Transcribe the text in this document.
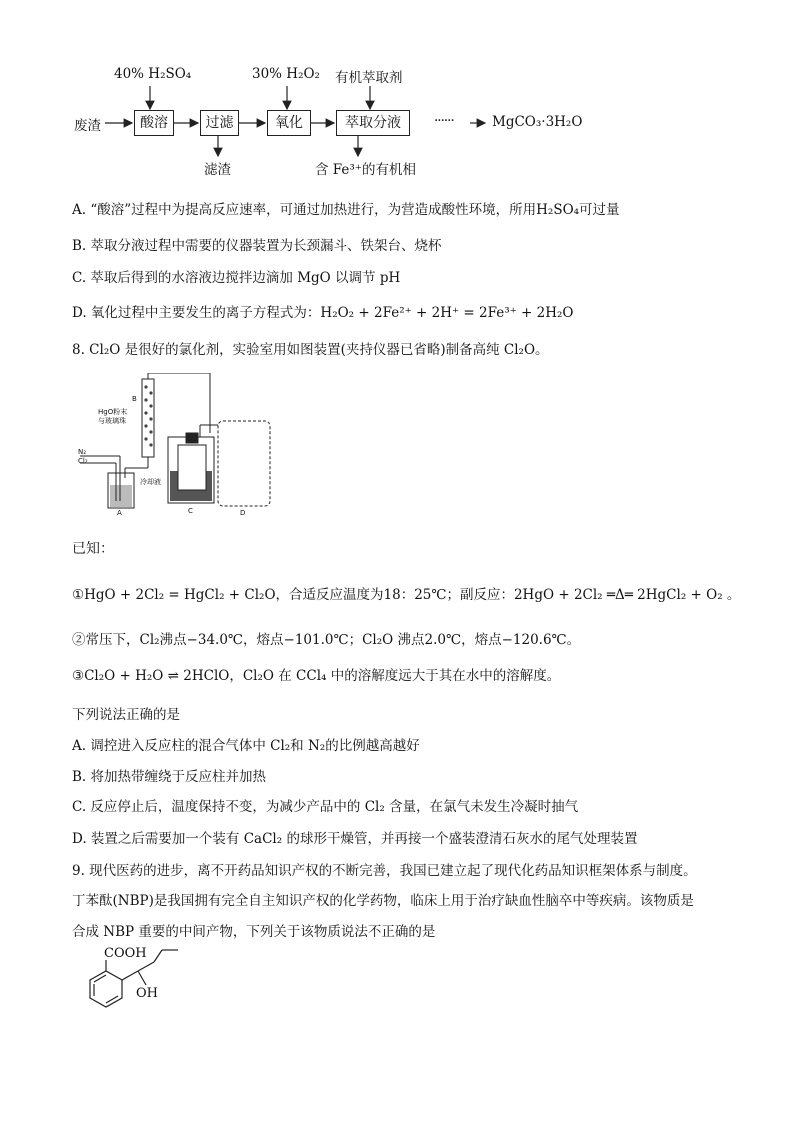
废渣	酸溶	过滤	氧化	萃取分液	······	MgCO₃·3H₂O
40% H₂SO₄	30% H₂O₂ 有机萃取剂
滤渣	含 Fe³⁺的有机相
A. “酸溶”过程中为提高反应速率，可通过加热进行，为营造成酸性环境，所用H₂SO₄可过量
B. 萃取分液过程中需要的仪器装置为长颈漏斗、铁架台、烧杯
C. 萃取后得到的水溶液边搅拌边滴加 MgO 以调节 pH
D. 氧化过程中主要发生的离子方程式为：H₂O₂ + 2Fe²⁺ + 2H⁺ = 2Fe³⁺ + 2H₂O
8. Cl₂O 是很好的氯化剂，实验室用如图装置(夹持仪器已省略)制备高纯 Cl₂O。
HgO粉末
与玻璃珠
B
N₂
Cl₂
冷却液
A	C	D
已知：
①HgO + 2Cl₂ = HgCl₂ + Cl₂O，合适反应温度为18：25℃；副反应：2HgO + 2Cl₂ ═Δ═ 2HgCl₂ + O₂ 。
②常压下，Cl₂沸点−34.0℃，熔点−101.0℃；Cl₂O 沸点2.0℃，熔点−120.6℃。
③Cl₂O + H₂O ⇌ 2HClO，Cl₂O 在 CCl₄ 中的溶解度远大于其在水中的溶解度。
下列说法正确的是
A. 调控进入反应柱的混合气体中 Cl₂和 N₂的比例越高越好
B. 将加热带缠绕于反应柱并加热
C. 反应停止后，温度保持不变，为减少产品中的 Cl₂ 含量，在氯气未发生冷凝时抽气
D. 装置之后需要加一个装有 CaCl₂ 的球形干燥管，并再接一个盛装澄清石灰水的尾气处理装置
9. 现代医药的进步，离不开药品知识产权的不断完善，我国已建立起了现代化药品知识框架体系与制度。
丁苯酞(NBP)是我国拥有完全自主知识产权的化学药物，临床上用于治疗缺血性脑卒中等疾病。该物质是
合成 NBP 重要的中间产物，下列关于该物质说法不正确的是
COOH
OH
